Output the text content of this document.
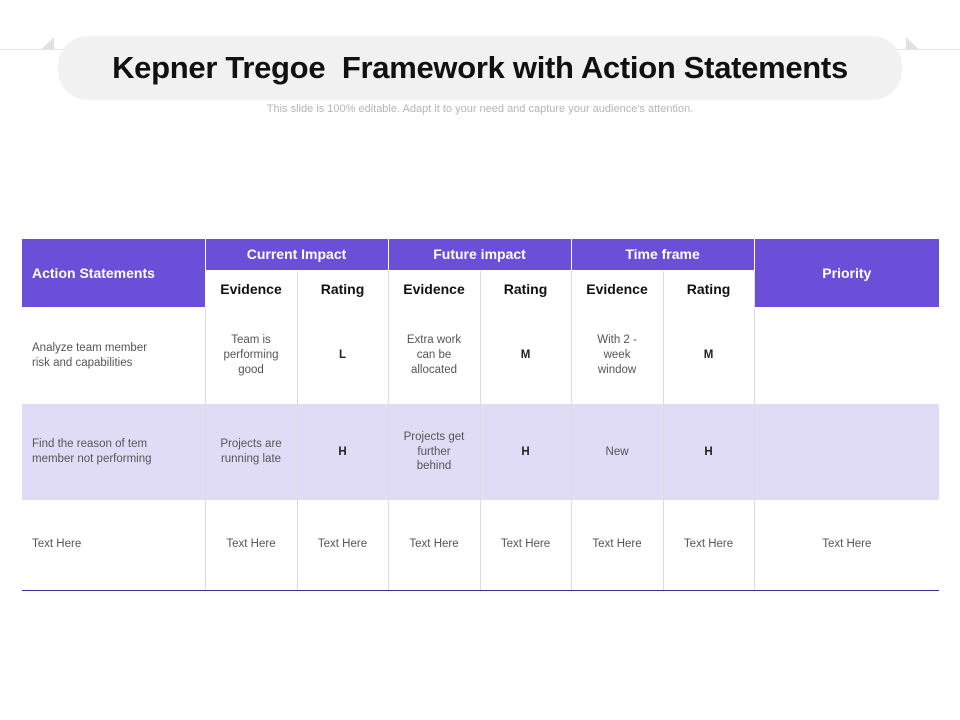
Kepner Tregoe  Framework with Action Statements
This slide is 100% editable. Adapt it to your need and capture your audience's attention.
Action Statements	Current Impact		Future impact		Time frame		Priority
	Evidence	Rating	Evidence	Rating	Evidence	Rating	
Analyze team member risk and capabilities	Team is performing good	L	Extra work can be allocated	M	With 2 - week window	M	
Find the reason of tem member not performing	Projects are running late	H	Projects get further behind	H	New	H	
Text Here	Text Here	Text Here	Text Here	Text Here	Text Here	Text Here	Text Here
